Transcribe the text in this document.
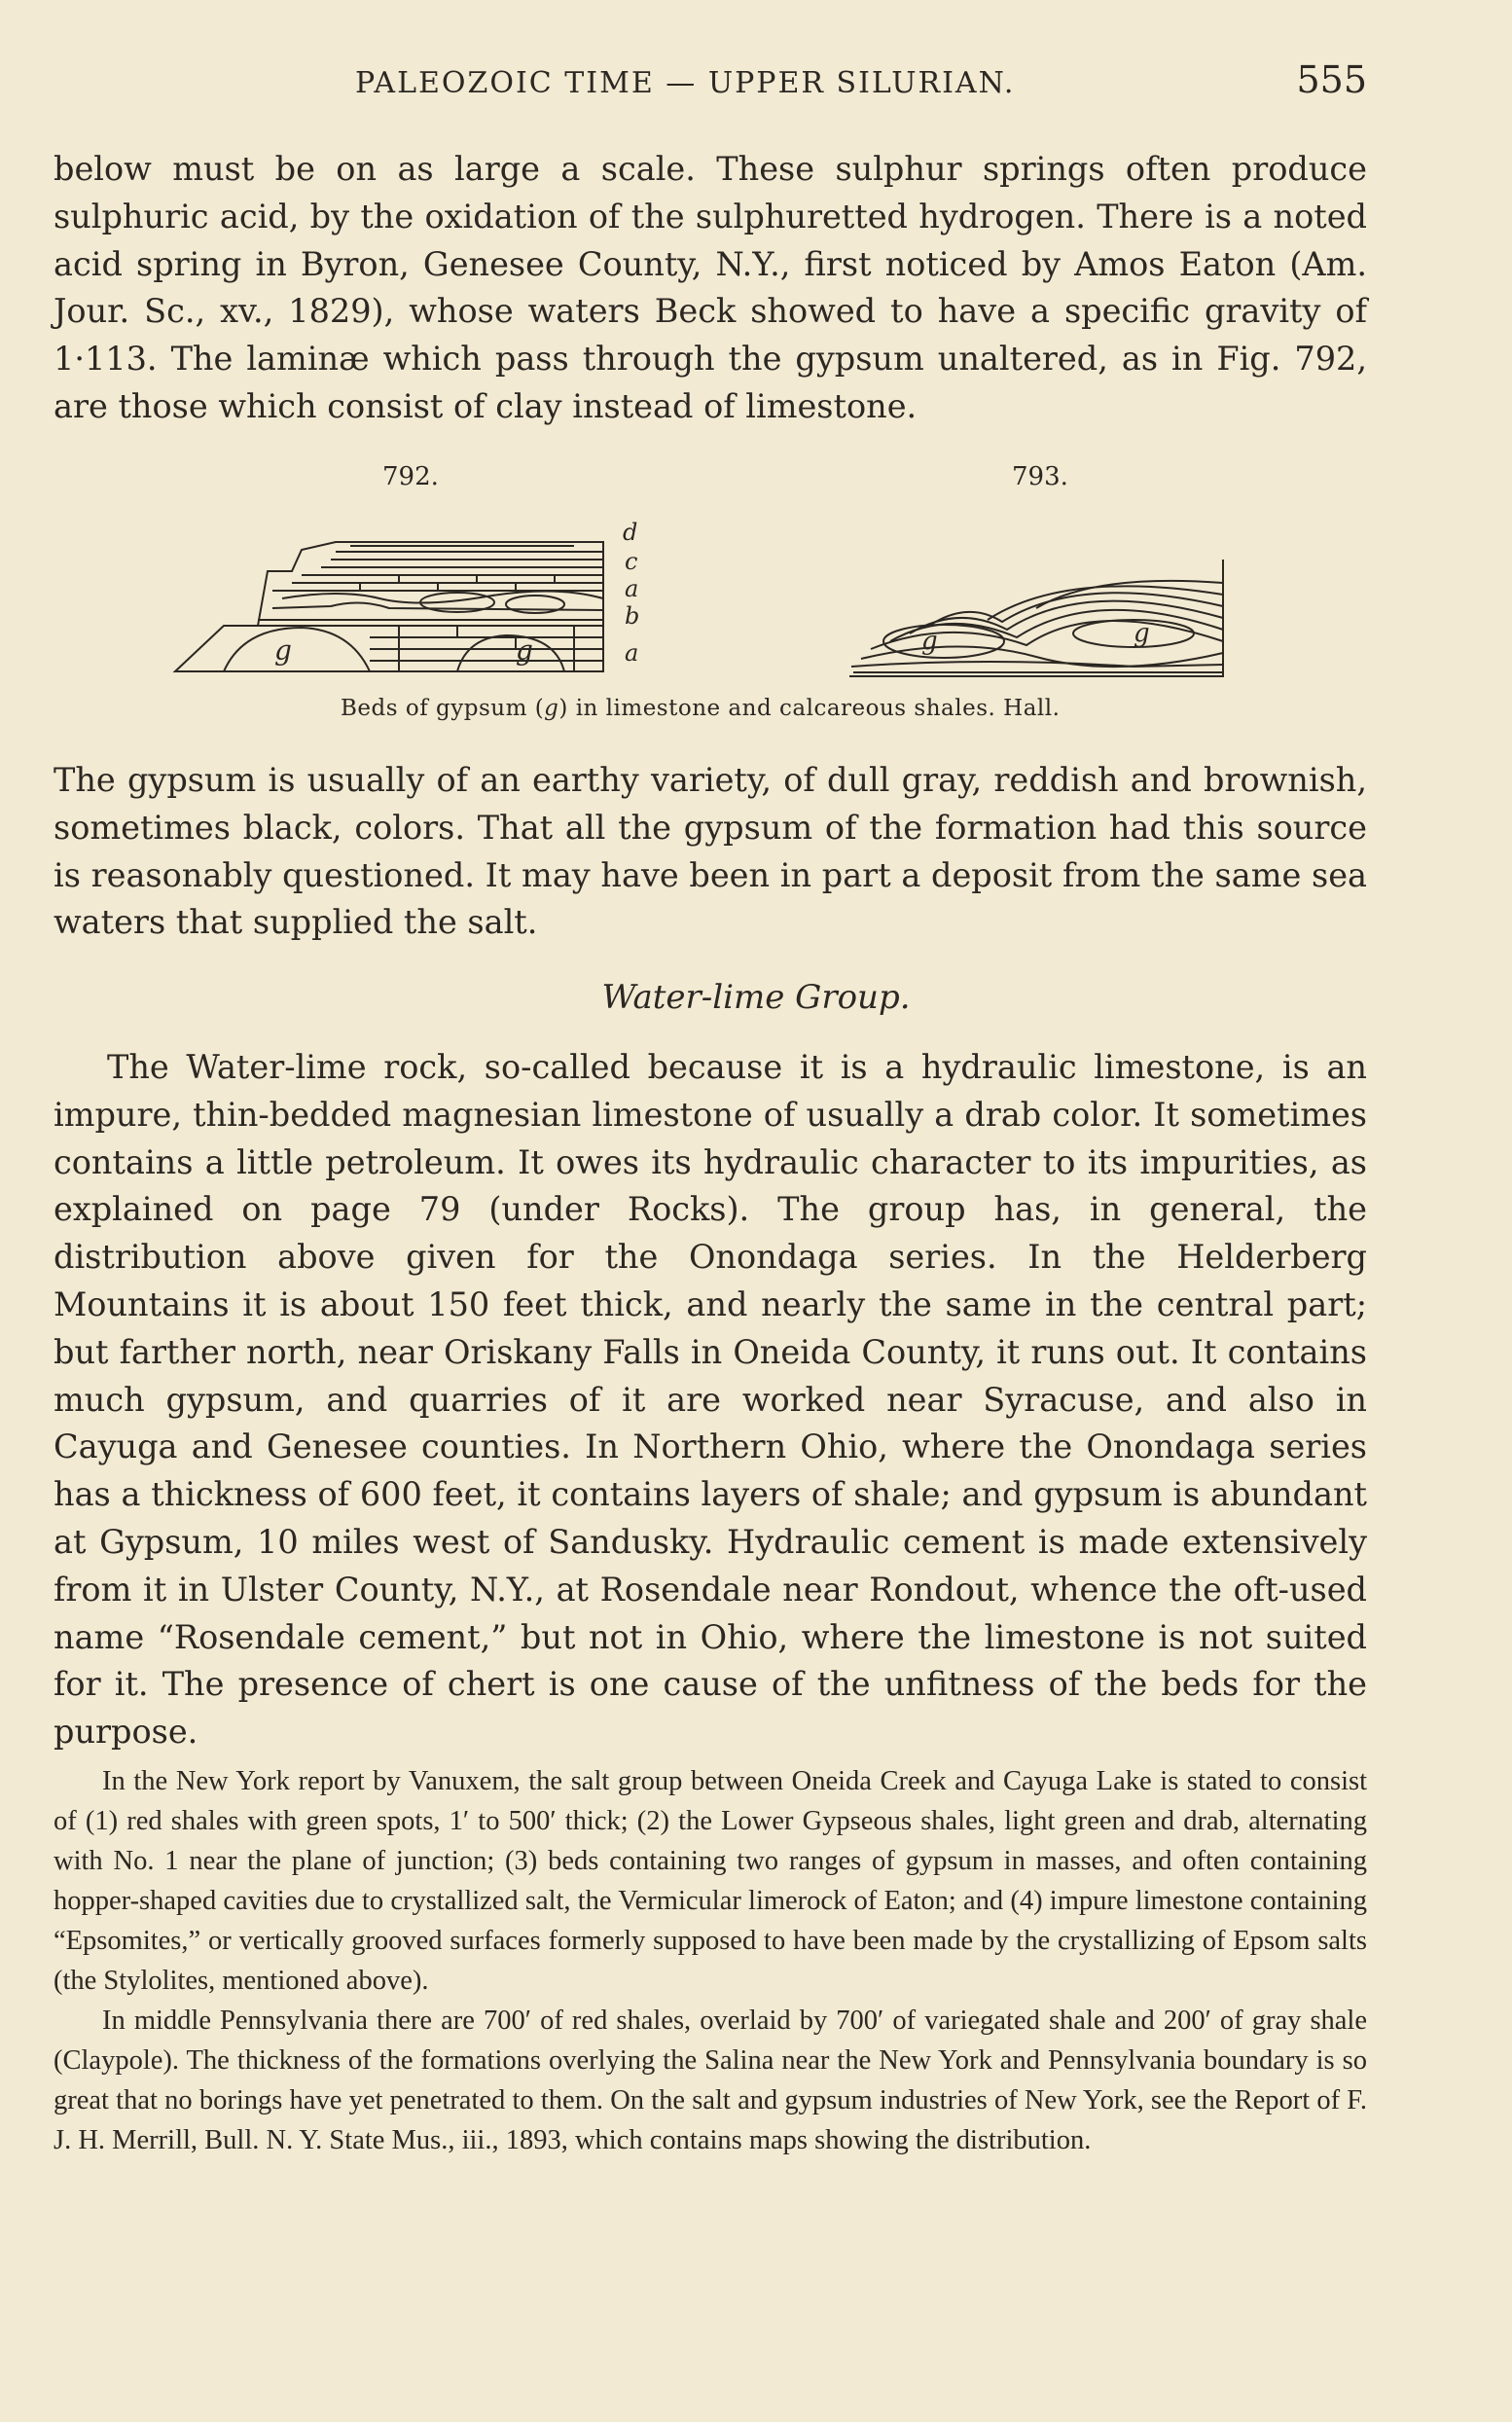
PALEOZOIC TIME — UPPER SILURIAN.	555

below must be on as large a scale. These sulphur springs often produce sulphuric acid, by the oxidation of the sulphuretted hydrogen. There is a noted acid spring in Byron, Genesee County, N.Y., first noticed by Amos Eaton (Am. Jour. Sc., xv., 1829), whose waters Beck showed to have a specific gravity of 1·113. The laminæ which pass through the gypsum unaltered, as in Fig. 792, are those which consist of clay instead of limestone.

792.
g	g
d
c
a
b
a
793.
g	g
Beds of gypsum (g) in limestone and calcareous shales. Hall.

The gypsum is usually of an earthy variety, of dull gray, reddish and brownish, sometimes black, colors. That all the gypsum of the formation had this source is reasonably questioned. It may have been in part a deposit from the same sea waters that supplied the salt.

Water-lime Group.

The Water-lime rock, so-called because it is a hydraulic limestone, is an impure, thin-bedded magnesian limestone of usually a drab color. It sometimes contains a little petroleum. It owes its hydraulic character to its impurities, as explained on page 79 (under Rocks). The group has, in general, the distribution above given for the Onondaga series. In the Helderberg Mountains it is about 150 feet thick, and nearly the same in the central part; but farther north, near Oriskany Falls in Oneida County, it runs out. It contains much gypsum, and quarries of it are worked near Syracuse, and also in Cayuga and Genesee counties. In Northern Ohio, where the Onondaga series has a thickness of 600 feet, it contains layers of shale; and gypsum is abundant at Gypsum, 10 miles west of Sandusky. Hydraulic cement is made extensively from it in Ulster County, N.Y., at Rosendale near Rondout, whence the oft-used name “Rosendale cement,” but not in Ohio, where the limestone is not suited for it. The presence of chert is one cause of the unfitness of the beds for the purpose.

In the New York report by Vanuxem, the salt group between Oneida Creek and Cayuga Lake is stated to consist of (1) red shales with green spots, 1′ to 500′ thick; (2) the Lower Gypseous shales, light green and drab, alternating with No. 1 near the plane of junction; (3) beds containing two ranges of gypsum in masses, and often containing hopper-shaped cavities due to crystallized salt, the Vermicular limerock of Eaton; and (4) impure limestone containing “Epsomites,” or vertically grooved surfaces formerly supposed to have been made by the crystallizing of Epsom salts (the Stylolites, mentioned above).

In middle Pennsylvania there are 700′ of red shales, overlaid by 700′ of variegated shale and 200′ of gray shale (Claypole). The thickness of the formations overlying the Salina near the New York and Pennsylvania boundary is so great that no borings have yet penetrated to them. On the salt and gypsum industries of New York, see the Report of F. J. H. Merrill, Bull. N. Y. State Mus., iii., 1893, which contains maps showing the distribution.
